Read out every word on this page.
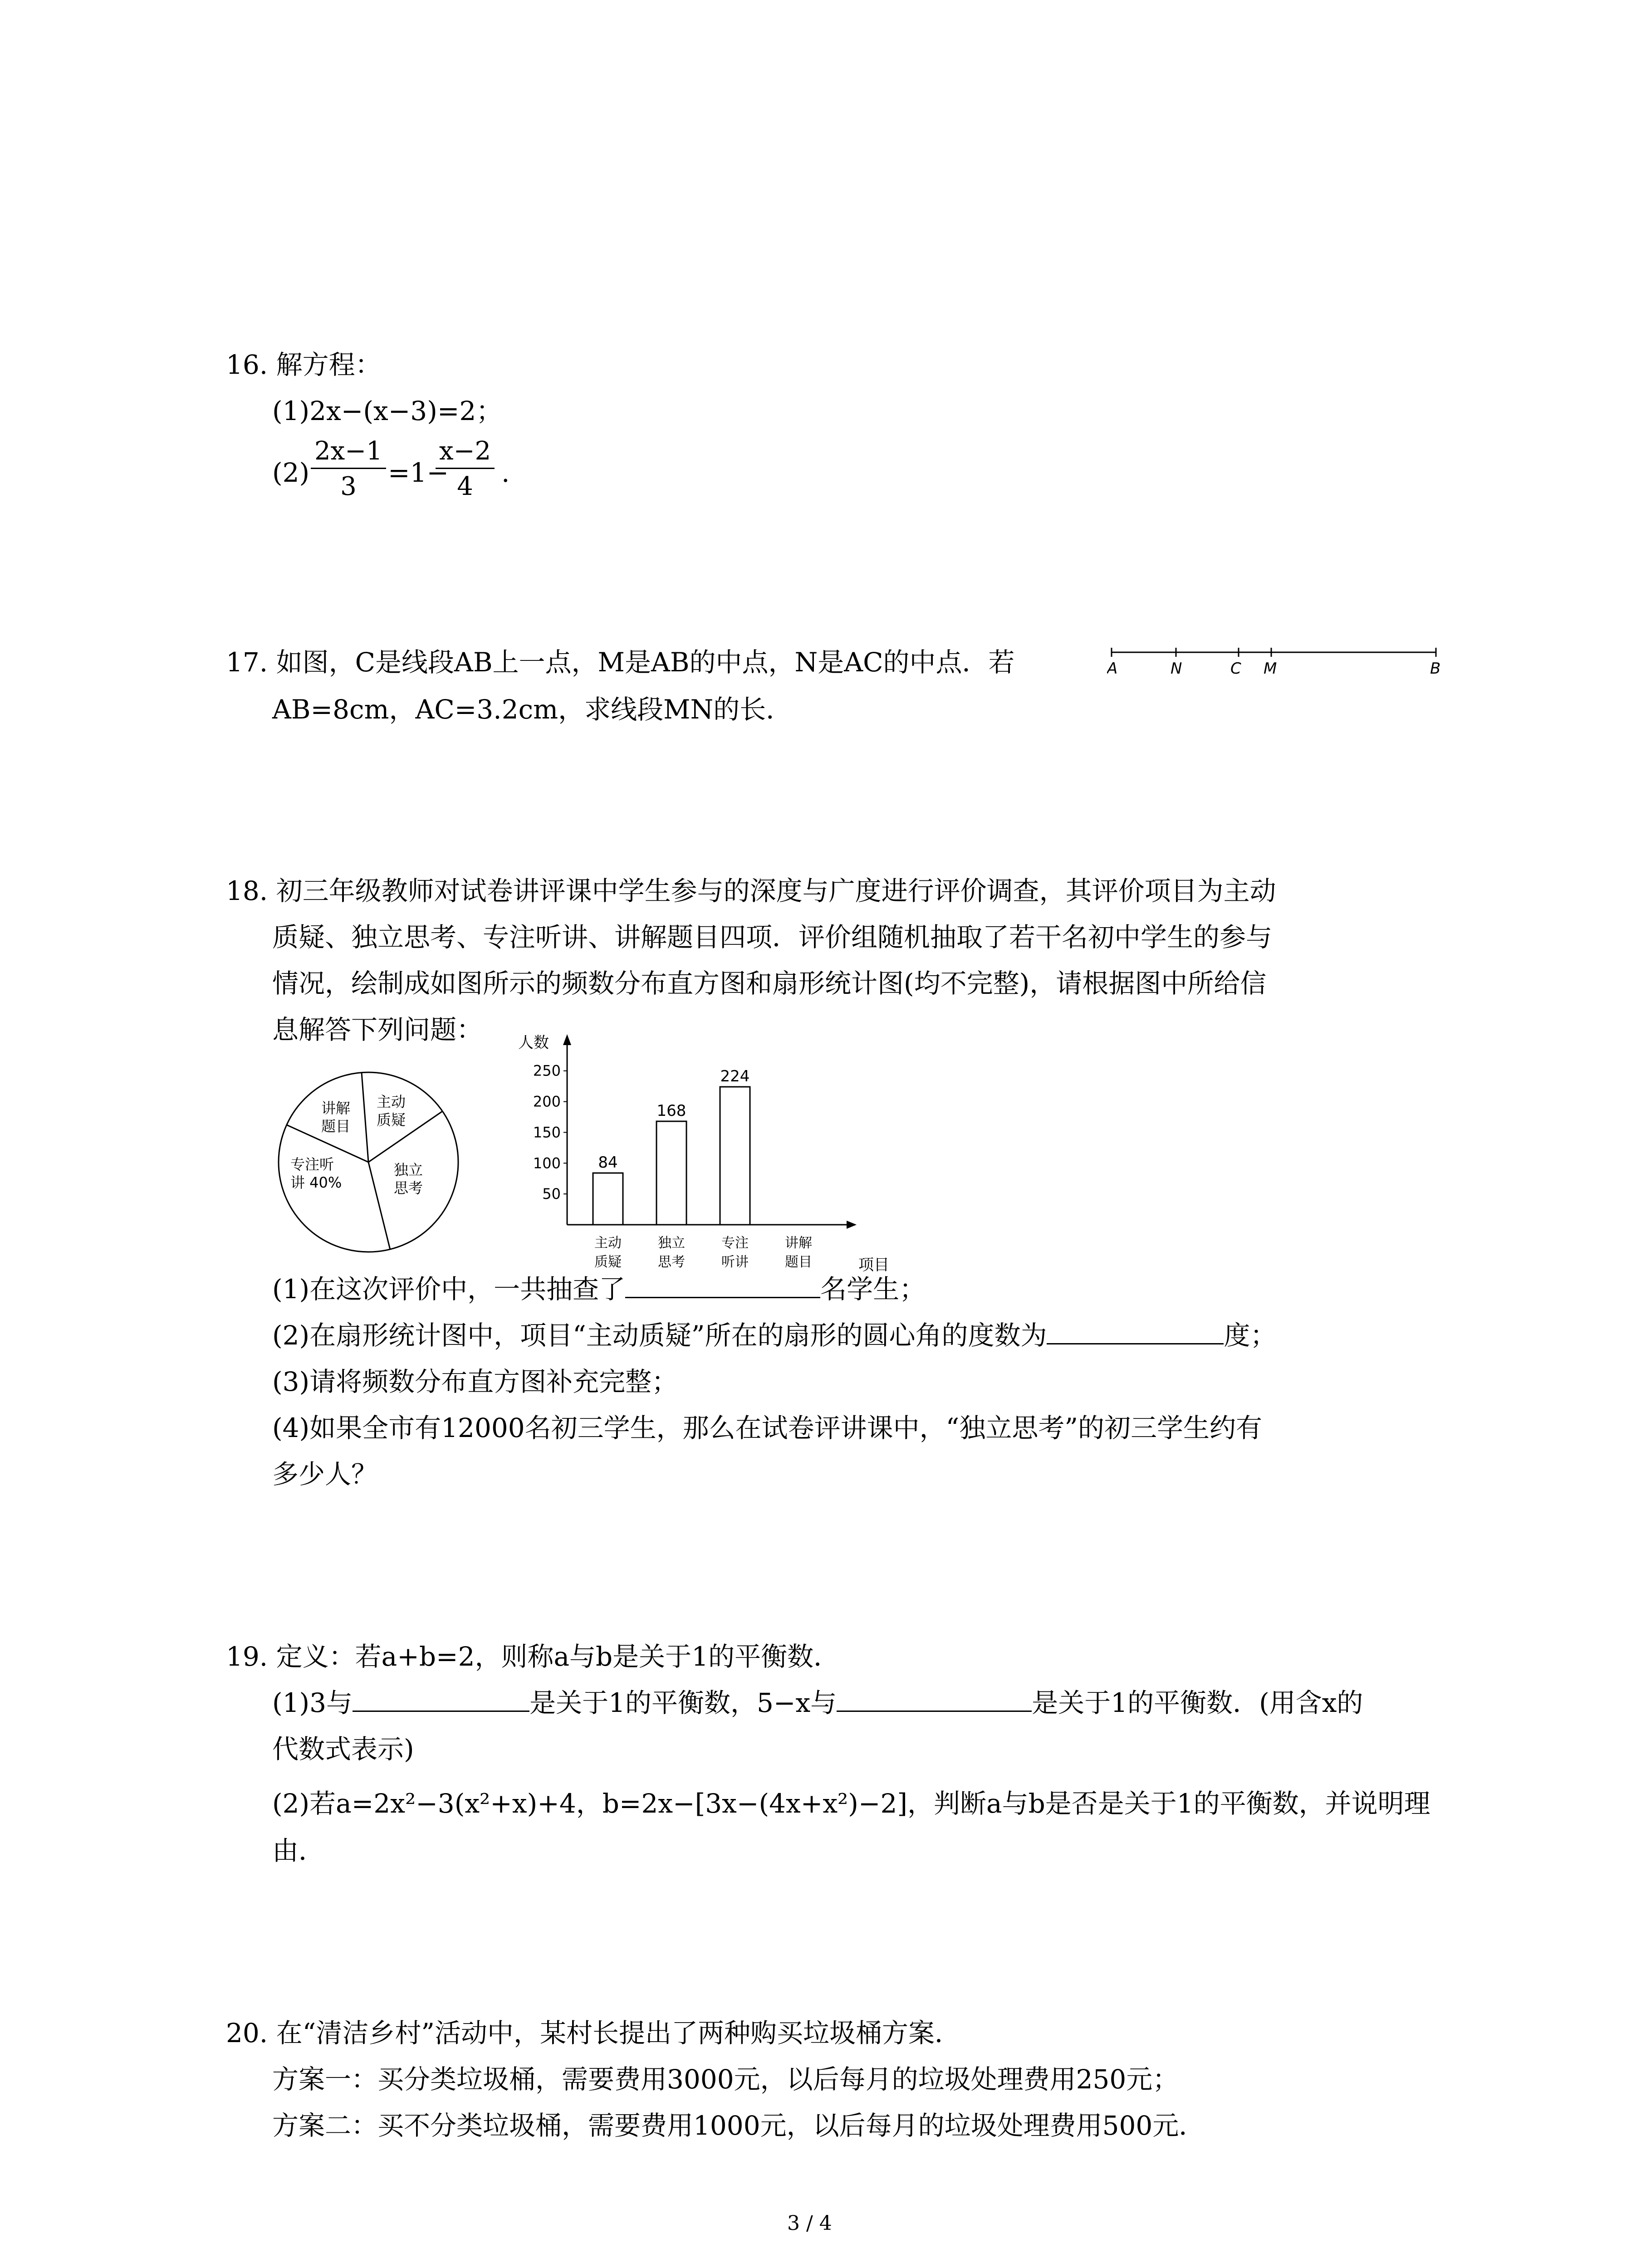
16. 解方程：
(1)2x−(x−3)=2；
$(2) \frac{2x-1}{3} =1-$
$\frac{x-2}{4}$ .
17. 如图，C是线段AB上一点，M是AB的中点，N是AC的中点．若
AB=8cm，AC=3.2cm，求线段MN的长．
A	N	C M	B
18. 初三年级教师对试卷讲评课中学生参与的深度与广度进行评价调查，其评价项目为主动
质疑、独立思考、专注听讲、讲解题目四项．评价组随机抽取了若干名初中学生的参与
情况，绘制成如图所示的频数分布直方图和扇形统计图(均不完整)，请根据图中所给信
息解答下列问题：
讲解
题目
主动
质疑
独立
思考
专注听
讲 40%
人数
项目
50
100
150
200
250
84
主动
质疑
168
独立
思考
224
专注
听讲
讲解
题目
(1)在这次评价中，一共抽查了	名学生；
(2)在扇形统计图中，项目“主动质疑”所在的扇形的圆心角的度数为	度；
(3)请将频数分布直方图补充完整；
(4)如果全市有12000名初三学生，那么在试卷评讲课中，“独立思考”的初三学生约有
多少人？
19. 定义：若a+b=2，则称a与b是关于1的平衡数．
(1)3与	是关于1的平衡数，5−x与	是关于1的平衡数．(用含x的
代数式表示)
(2)若a=2x²−3(x²+x)+4，b=2x−[3x−(4x+x²)−2]，判断a与b是否是关于1的平衡数，并说明理
由．
20. 在“清洁乡村”活动中，某村长提出了两种购买垃圾桶方案．
方案一：买分类垃圾桶，需要费用3000元，以后每月的垃圾处理费用250元；
方案二：买不分类垃圾桶，需要费用1000元，以后每月的垃圾处理费用500元．
3 / 4
